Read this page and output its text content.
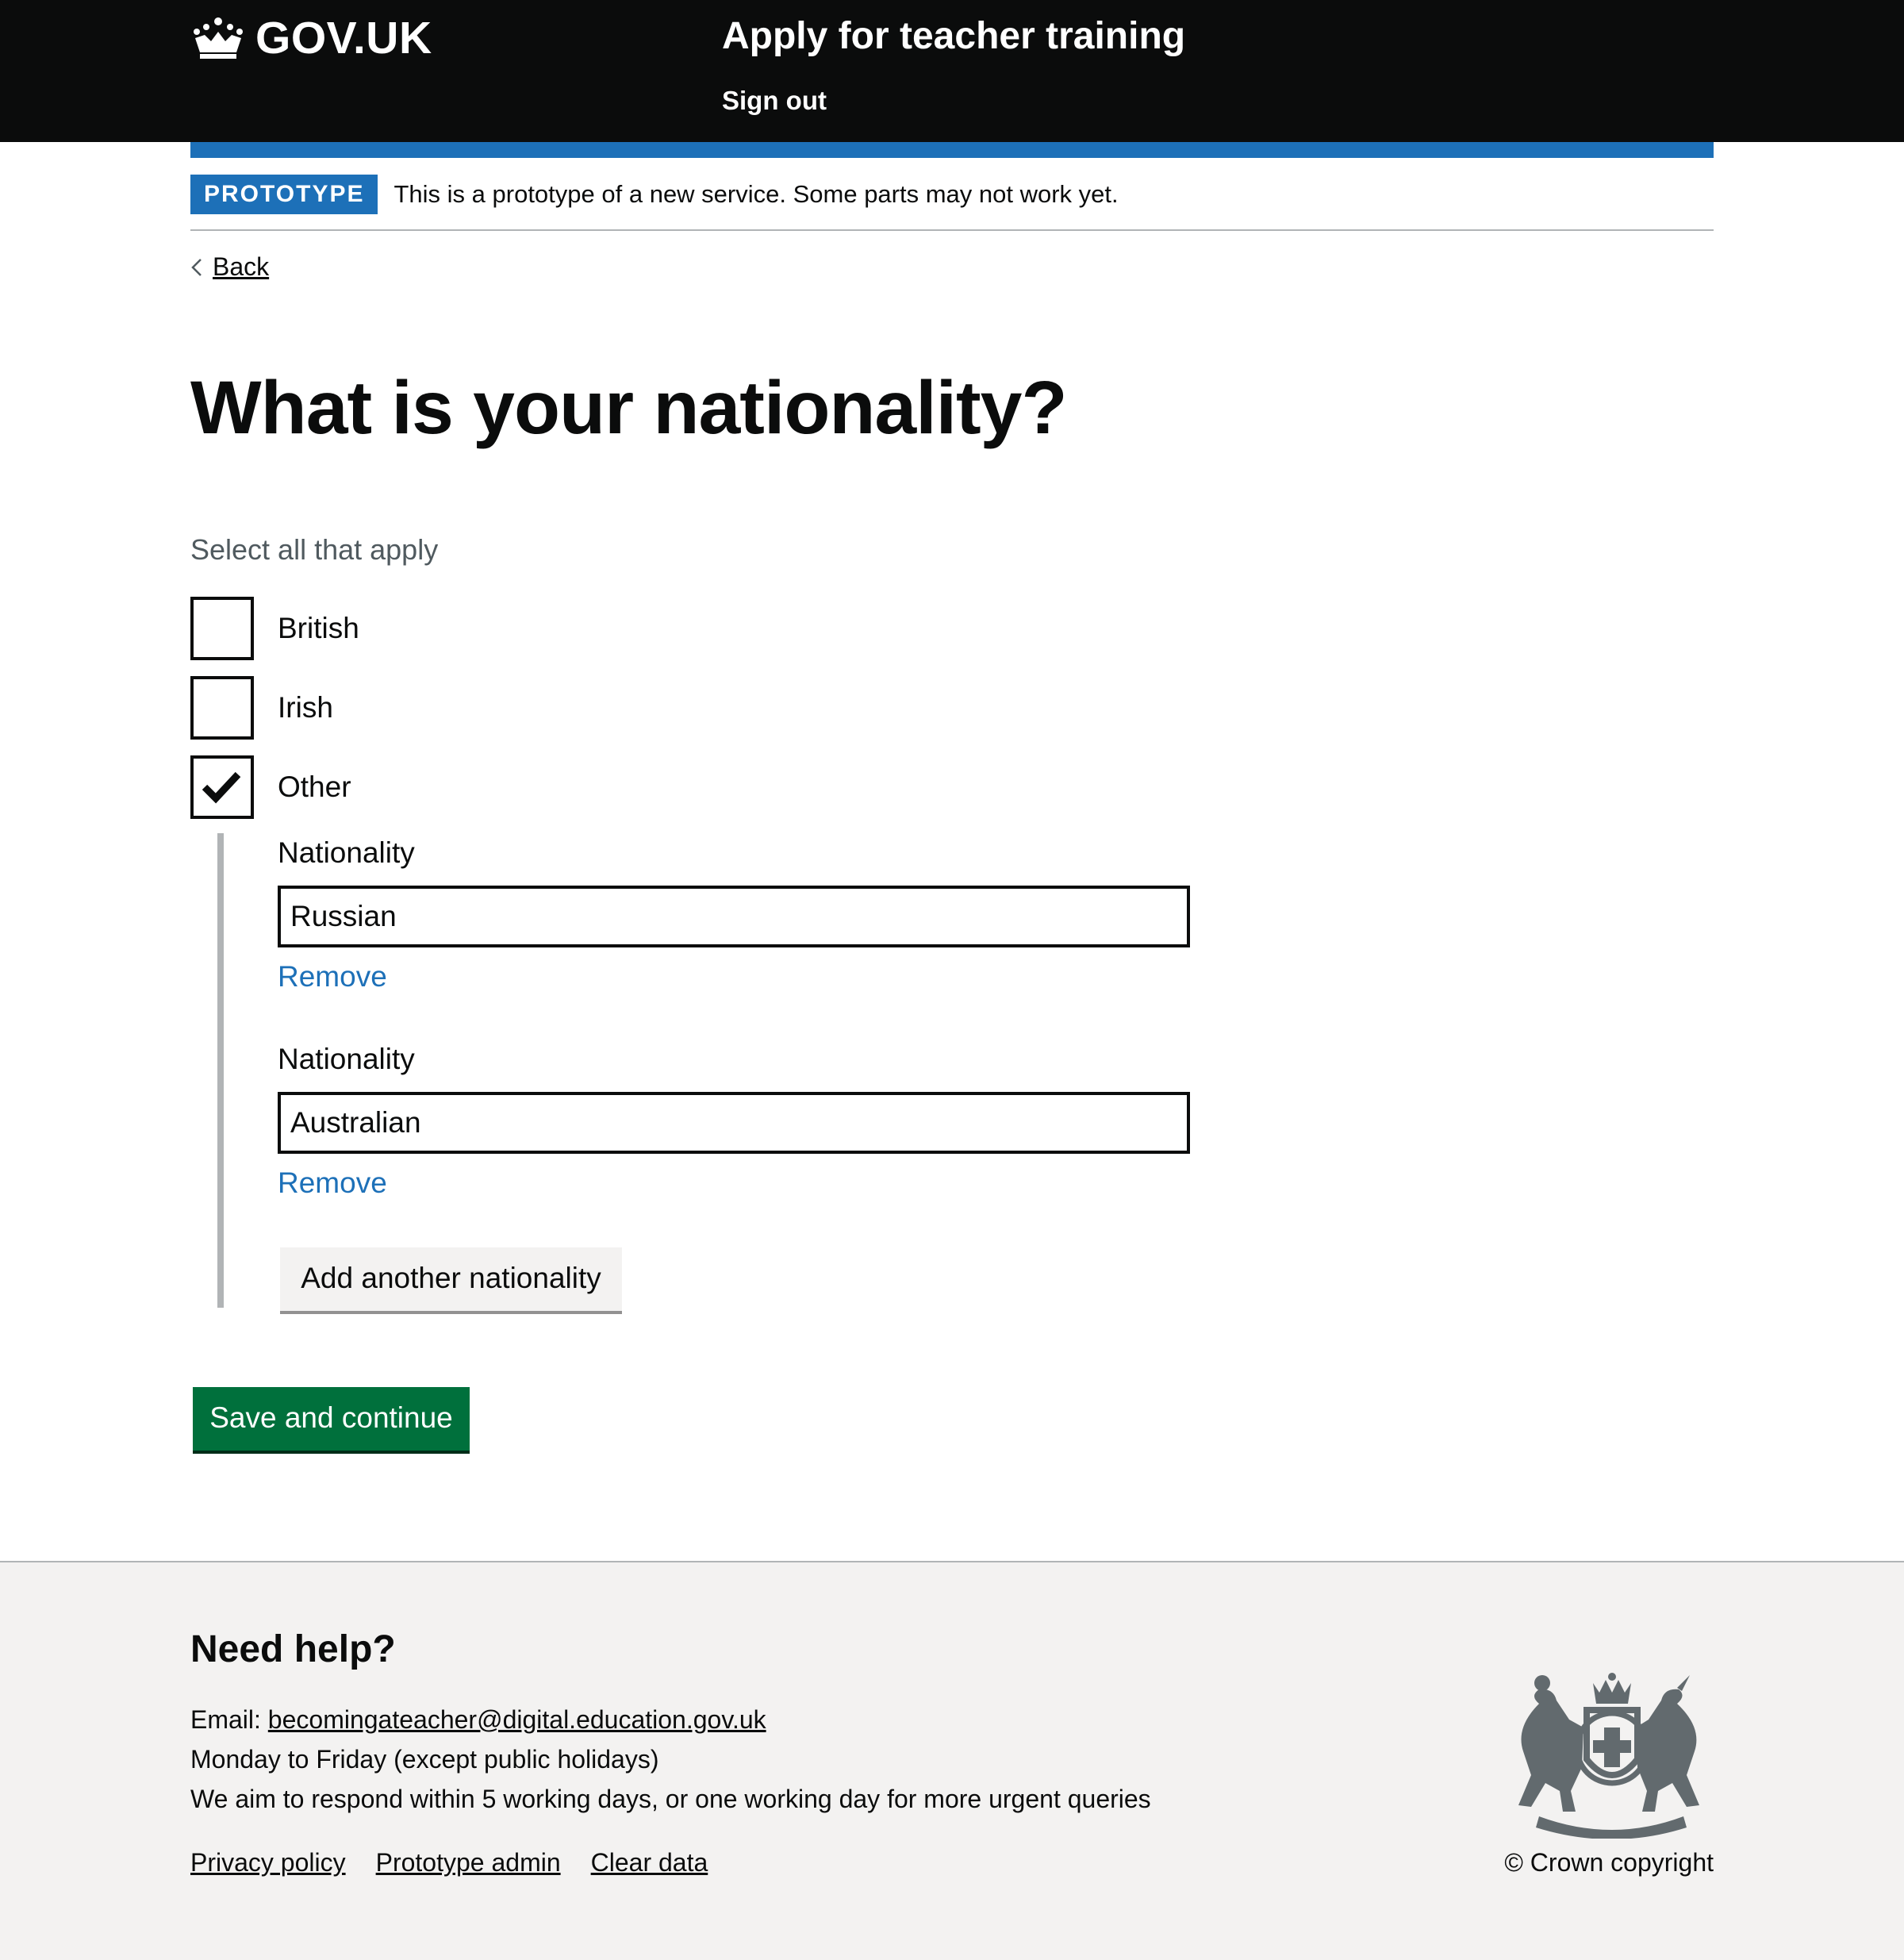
GOV.UK	Apply for teacher training
Sign out
PROTOTYPE	This is a prototype of a new service. Some parts may not work yet.
Back
What is your nationality?
Select all that apply
British
Irish
Other
Nationality
Russian
Remove
Nationality
Australian
Remove
Add another nationality
Save and continue
Need help?
Email: becomingateacher@digital.education.gov.uk
Monday to Friday (except public holidays)
We aim to respond within 5 working days, or one working day for more urgent queries
Privacy policy Prototype admin Clear data	© Crown copyright
